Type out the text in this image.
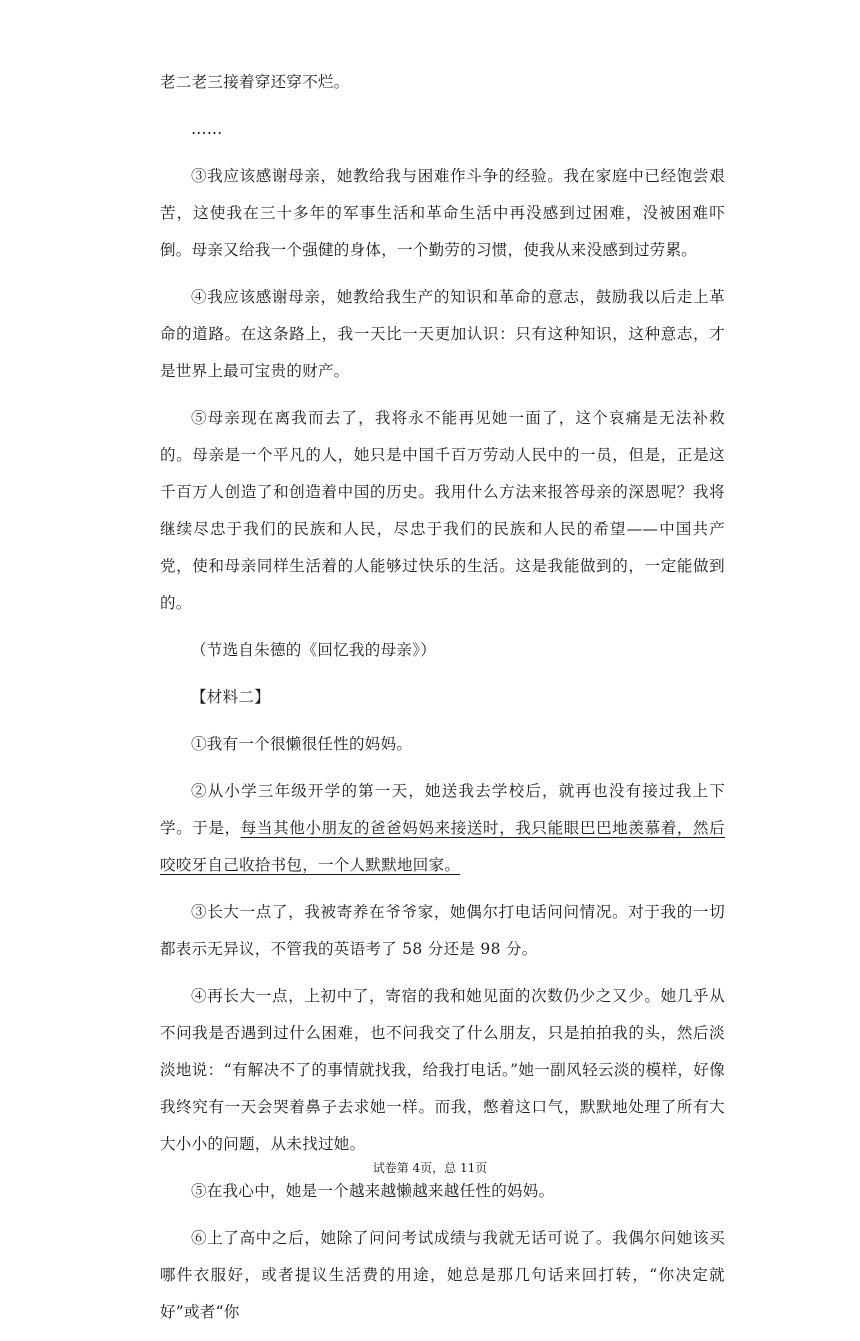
老二老三接着穿还穿不烂。

……

③我应该感谢母亲，她教给我与困难作斗争的经验。我在家庭中已经饱尝艰苦，这使我在三十多年的军事生活和革命生活中再没感到过困难，没被困难吓倒。母亲又给我一个强健的身体，一个勤劳的习惯，使我从来没感到过劳累。

④我应该感谢母亲，她教给我生产的知识和革命的意志，鼓励我以后走上革命的道路。在这条路上，我一天比一天更加认识：只有这种知识，这种意志，才是世界上最可宝贵的财产。

⑤母亲现在离我而去了，我将永不能再见她一面了，这个哀痛是无法补救的。母亲是一个平凡的人，她只是中国千百万劳动人民中的一员，但是，正是这千百万人创造了和创造着中国的历史。我用什么方法来报答母亲的深恩呢？我将继续尽忠于我们的民族和人民，尽忠于我们的民族和人民的希望——中国共产党，使和母亲同样生活着的人能够过快乐的生活。这是我能做到的，一定能做到的。

（节选自朱德的《回忆我的母亲》）

【材料二】

①我有一个很懒很任性的妈妈。

②从小学三年级开学的第一天，她送我去学校后，就再也没有接过我上下学。于是，每当其他小朋友的爸爸妈妈来接送时，我只能眼巴巴地羡慕着，然后咬咬牙自己收拾书包，一个人默默地回家。

③长大一点了，我被寄养在爷爷家，她偶尔打电话问问情况。对于我的一切都表示无异议，不管我的英语考了 58 分还是 98 分。

④再长大一点，上初中了，寄宿的我和她见面的次数仍少之又少。她几乎从不问我是否遇到过什么困难，也不问我交了什么朋友，只是拍拍我的头，然后淡淡地说：“有解决不了的事情就找我，给我打电话。”她一副风轻云淡的模样，好像我终究有一天会哭着鼻子去求她一样。而我，憋着这口气，默默地处理了所有大大小小的问题，从未找过她。

⑤在我心中，她是一个越来越懒越来越任性的妈妈。

⑥上了高中之后，她除了问问考试成绩与我就无话可说了。我偶尔问她该买哪件衣服好，或者提议生活费的用途，她总是那几句话来回打转，“你决定就好”或者“你

试卷第 4页，总 11页
